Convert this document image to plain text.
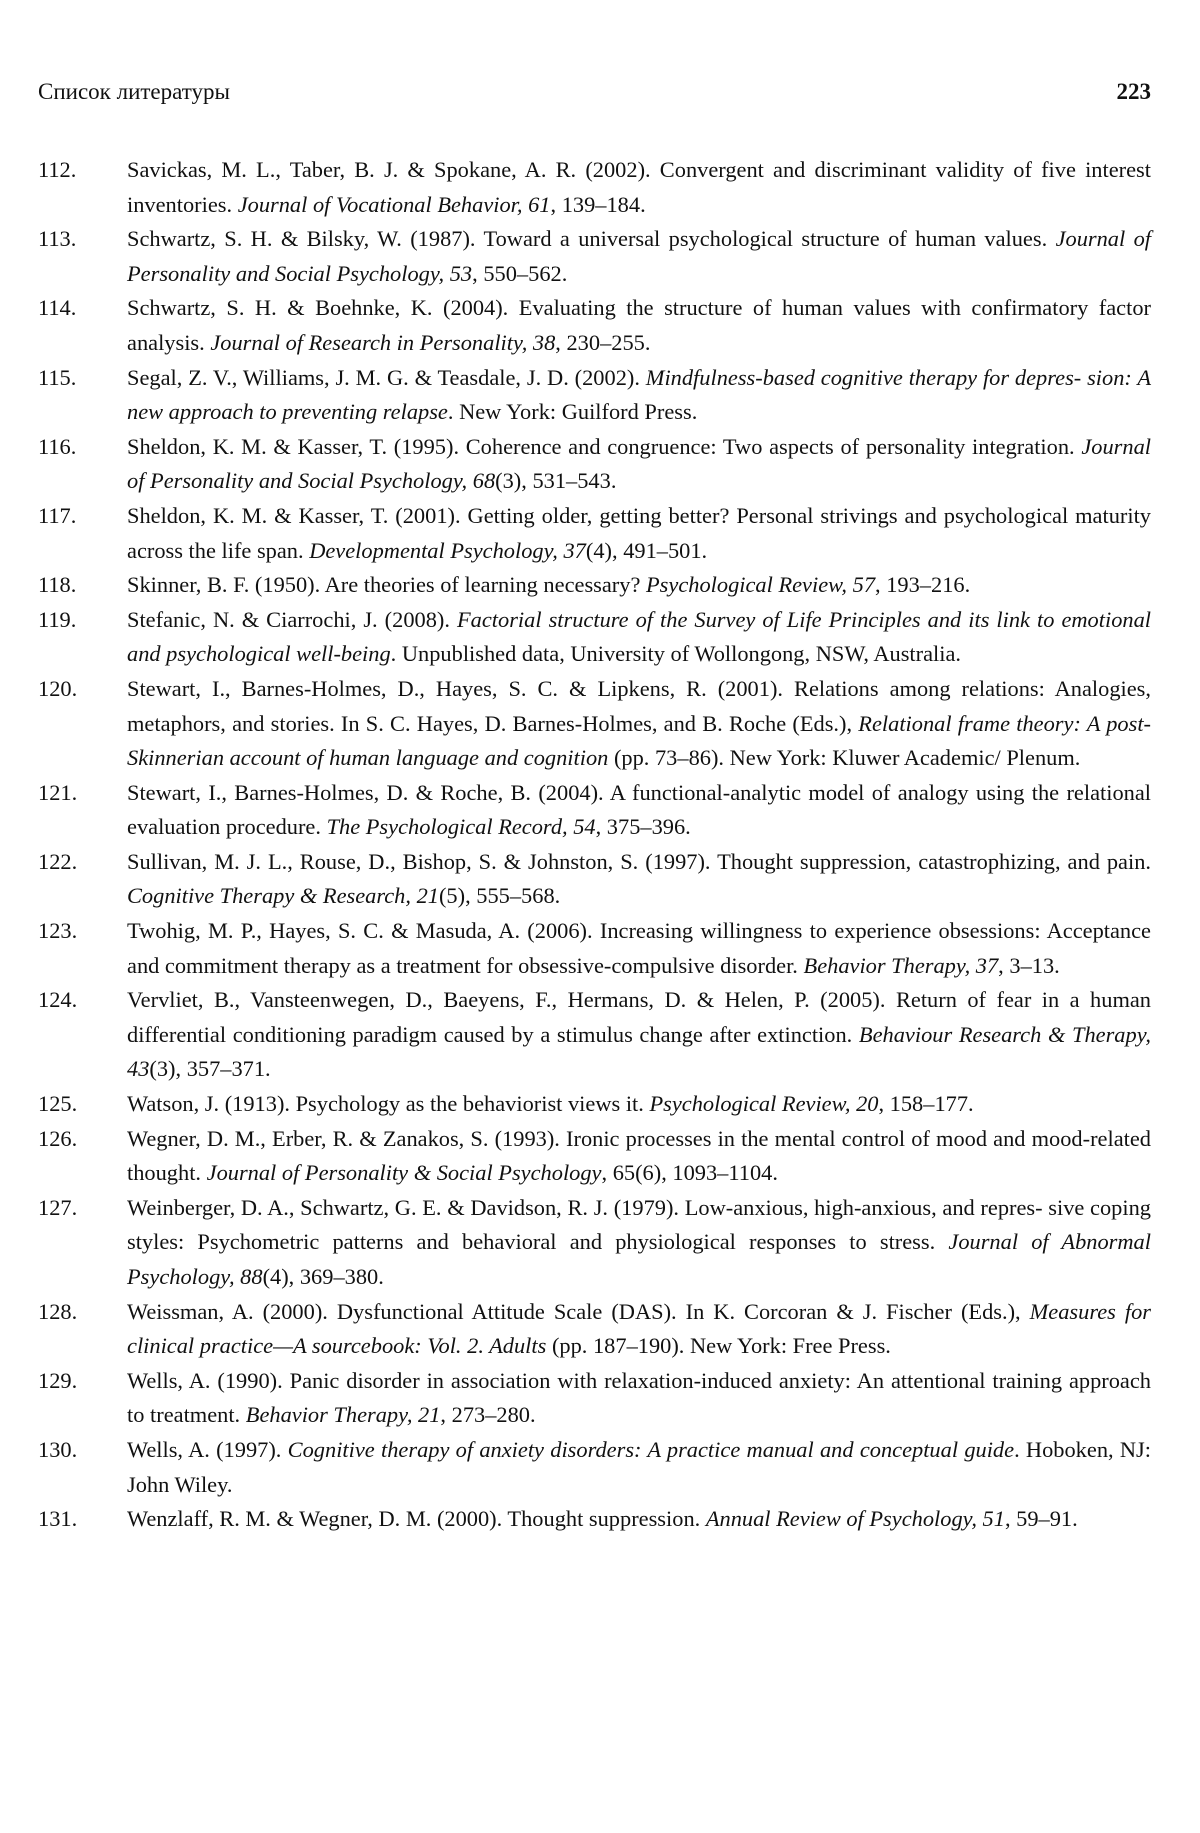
Список литературы	223
112.	Savickas, M. L., Taber, B. J. & Spokane, A. R. (2002). Convergent and discriminant validity of five interest inventories. Journal of Vocational Behavior, 61, 139–184.
113.	Schwartz, S. H. & Bilsky, W. (1987). Toward a universal psychological structure of human values. Journal of Personality and Social Psychology, 53, 550–562.
114.	Schwartz, S. H. & Boehnke, K. (2004). Evaluating the structure of human values with confirmatory factor analysis. Journal of Research in Personality, 38, 230–255.
115.	Segal, Z. V., Williams, J. M. G. & Teasdale, J. D. (2002). Mindfulness-based cognitive therapy for depres- sion: A new approach to preventing relapse. New York: Guilford Press.
116.	Sheldon, K. M. & Kasser, T. (1995). Coherence and congruence: Two aspects of personality integration. Journal of Personality and Social Psychology, 68(3), 531–543.
117.	Sheldon, K. M. & Kasser, T. (2001). Getting older, getting better? Personal strivings and psychological maturity across the life span. Developmental Psychology, 37(4), 491–501.
118.	Skinner, B. F. (1950). Are theories of learning necessary? Psychological Review, 57, 193–216.
119.	Stefanic, N. & Ciarrochi, J. (2008). Factorial structure of the Survey of Life Principles and its link to emotional and psychological well-being. Unpublished data, University of Wollongong, NSW, Australia.
120.	Stewart, I., Barnes-Holmes, D., Hayes, S. C. & Lipkens, R. (2001). Relations among relations: Analogies, metaphors, and stories. In S. C. Hayes, D. Barnes-Holmes, and B. Roche (Eds.), Relational frame theory: A post-Skinnerian account of human language and cognition (pp. 73–86). New York: Kluwer Academic/ Plenum.
121.	Stewart, I., Barnes-Holmes, D. & Roche, B. (2004). A functional-analytic model of analogy using the relational evaluation procedure. The Psychological Record, 54, 375–396.
122.	Sullivan, M. J. L., Rouse, D., Bishop, S. & Johnston, S. (1997). Thought suppression, catastrophizing, and pain. Cognitive Therapy & Research, 21(5), 555–568.
123.	Twohig, M. P., Hayes, S. C. & Masuda, A. (2006). Increasing willingness to experience obsessions: Acceptance and commitment therapy as a treatment for obsessive-compulsive disorder. Behavior Therapy, 37, 3–13.
124.	Vervliet, B., Vansteenwegen, D., Baeyens, F., Hermans, D. & Helen, P. (2005). Return of fear in a human differential conditioning paradigm caused by a stimulus change after extinction. Behaviour Research & Therapy, 43(3), 357–371.
125.	Watson, J. (1913). Psychology as the behaviorist views it. Psychological Review, 20, 158–177.
126.	Wegner, D. M., Erber, R. & Zanakos, S. (1993). Ironic processes in the mental control of mood and mood-related thought. Journal of Personality & Social Psychology, 65(6), 1093–1104.
127.	Weinberger, D. A., Schwartz, G. E. & Davidson, R. J. (1979). Low-anxious, high-anxious, and repres- sive coping styles: Psychometric patterns and behavioral and physiological responses to stress. Journal of Abnormal Psychology, 88(4), 369–380.
128.	Weissman, A. (2000). Dysfunctional Attitude Scale (DAS). In K. Corcoran & J. Fischer (Eds.), Measures for clinical practice—A sourcebook: Vol. 2. Adults (pp. 187–190). New York: Free Press.
129.	Wells, A. (1990). Panic disorder in association with relaxation-induced anxiety: An attentional training approach to treatment. Behavior Therapy, 21, 273–280.
130.	Wells, A. (1997). Cognitive therapy of anxiety disorders: A practice manual and conceptual guide. Hoboken, NJ: John Wiley.
131.	Wenzlaff, R. M. & Wegner, D. M. (2000). Thought suppression. Annual Review of Psychology, 51, 59–91.
